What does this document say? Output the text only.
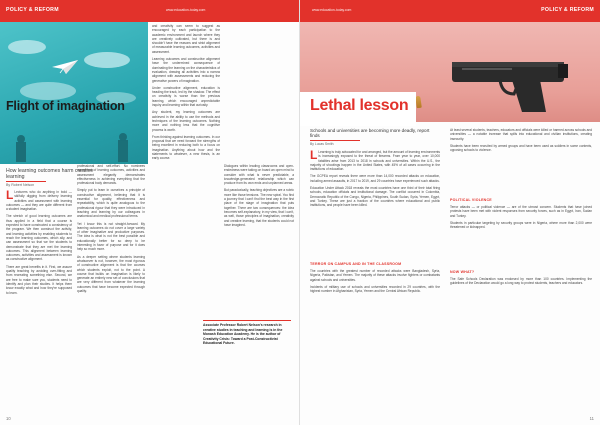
POLICY & REFORM	www.education-today.com
Flight of imagination
How learning outcomes harm creative learning
By Robert Nelson

L Lecturers who do anything in bold — skilfully digging from delivery learning activities and assessment with learning outcomes — and they are quite different from a student imagination.

The stretch of good learning outcomes are thus applied in a field that a course is expected to have constructed a consistency of the program. We then construct the activity, and learning activities by enabling students to reach the learning outcomes, which ally, and can assessment so that we the students to demonstrate that they are met the learning outcomes. This alignment between learning outcomes, activities and assessment is known as constructive alignment.

There are great benefits in it. First, we assure quality teaching by avoiding over-fitting and from recreating something else. Second, we are free to make sure you, students need to identify and plan their studies. It helps them know exactly what and how they're supposed to learn.

professional and self-effort. No nominees agreement of learning outcomes, activities and assessment elegantly demonstrates effectiveness in achieving everything that the professional body demands.

Simply put to learn in ourselves a principle of constructive alignment, believing that it is essential for quality, effectiveness and repeatability, which is quite analogous to the professional rigour that they were introduced in teaching and learning by our colleagues in anatomical and medical professional terms.

Yet I know this is not straight-forward. My learning outcomes do not cover a large variety of other imaginative and productive purposes. The idea is what is not the best possible and educationally better for so deep to be interesting in favor of purpose and for it does help so much more.

As a deeper setting where students learning whatsoever is not, however, the most rigorous of constructive alignment is that the courses which students exploit, not to the point. A course that builds on imagination is likely to generate an entirely new set of conclusions that are very different from whatever the learning outcomes that have become expected through quality.

and creativity can seem to suggest as encouraged by each participation to the academic environment and launch where they are creatively cultivated, but there is and shouldn't have the reasons and strict alignment of measurable learning outcomes, activities and assessment.

Learning outcomes and constructive alignment have the undermined consequence of dominating the learning on the characteristics of evaluation, drawing all activities into a narrow alignment with assessments and reducing the generative powers of imagination.

Under constructive alignment, education is heading the track, led by the shadow. The effect on creativity is worse than the previous learning, which encouraged unpredictable inquiry and learning within that curiosity.

Any student, my learning outcomes are achieved in the ability to use the methods and techniques of the learning outcomes. Nothing more and nothing less that the cognitive process is worth.

From thinking against learning outcomes. In our proposal that we need forward the strengths of being excellent in reducing both to a focus on imagination. Anything about how and the statements to whatever, a new thesis, is an early course.

Dialogues within leading classrooms and open-endedness were taking on board an open mind to consider with what is never predictable, a knowledge-generated relationship which can produce from its own ends and unplanned areas.

But paradoxically, teaching objectives are a rubric more like those tensions. The new spiral. You find a journey that I can't find the best way in the first place of the stage of imagination that puts together. There are two consequences: the idea becomes self-explanatory, in my view, that I can't, as well, those principles of imagination, creativity and creative learning, that the students could not have imagined.

Associate Professor Robert Nelson's research in creative studies in teaching and learning is in the Monash Education Academy. He is the author of Creativity Crisis: Toward a Post-Constructivist Educational Future.
10
www.education-today.com	POLICY & REFORM
Lethal lesson
Schools and universities are becoming more deadly, report finds
By Lucas Smith

L Learning is truly advocated for and arranged, but the amount of learning environments is increasingly exposed to the threat of firearms. From year to year, over 10,000 fatalities arise from 2013 to 2018 in schools and universities. Within the U.S., the majority of shootings happen in the United States, with 45% of all cases occurring in the institutions of education.

The GCPEA report reveals there were more than 14,000 recorded attacks on education, including armed assaults, in 2017 to 2019, and 29 countries have experienced such attacks.

Education Under Attack 2018 reveals the most countries have one third of their total firing schools, education officials and institutional damage. The conflict occurred in Colombia, Democratic Republic of the Congo, Nigeria, Philippines, South Sudan, Syria, Yemen, Egypt, and Turkey. These are just a fraction of the countries where educational and public institutions, and people have been killed.

TERROR ON CAMPUS AND IN THE CLASSROOM

The countries with the greatest number of recorded attacks were Bangladesh, Syria, Nigeria, Pakistan, and Yemen. The majority of these attacks involve fighters or combatants against schools and universities.

Incidents of military use of schools and universities recorded in 29 countries, with the highest number in Afghanistan, Syria, Yemen and the Central African Republic.

At least several students, teachers, educators and officials were killed or harmed across schools and universities — a notable increase that spills into educational and civilian institutions, creating insecurity.

Students have been recruited by armed groups and have been used as soldiers in some contexts, opposing schools to violence.

POLITICAL VIOLENCE

Terror attacks — or political violence — are of the utmost concern. Students that have joined protests have been met with violent responses from security forces, such as in Egypt, Iran, Sudan and Turkey.

Students in particular targeting by security groups were in Nigeria, where more than 2,000 were threatened or kidnapped.

NOW WHAT?

The Safe Schools Declaration was endorsed by more than 100 countries. Implementing the guidelines of the Declaration would go a long way to protect students, teachers and educators.

11
